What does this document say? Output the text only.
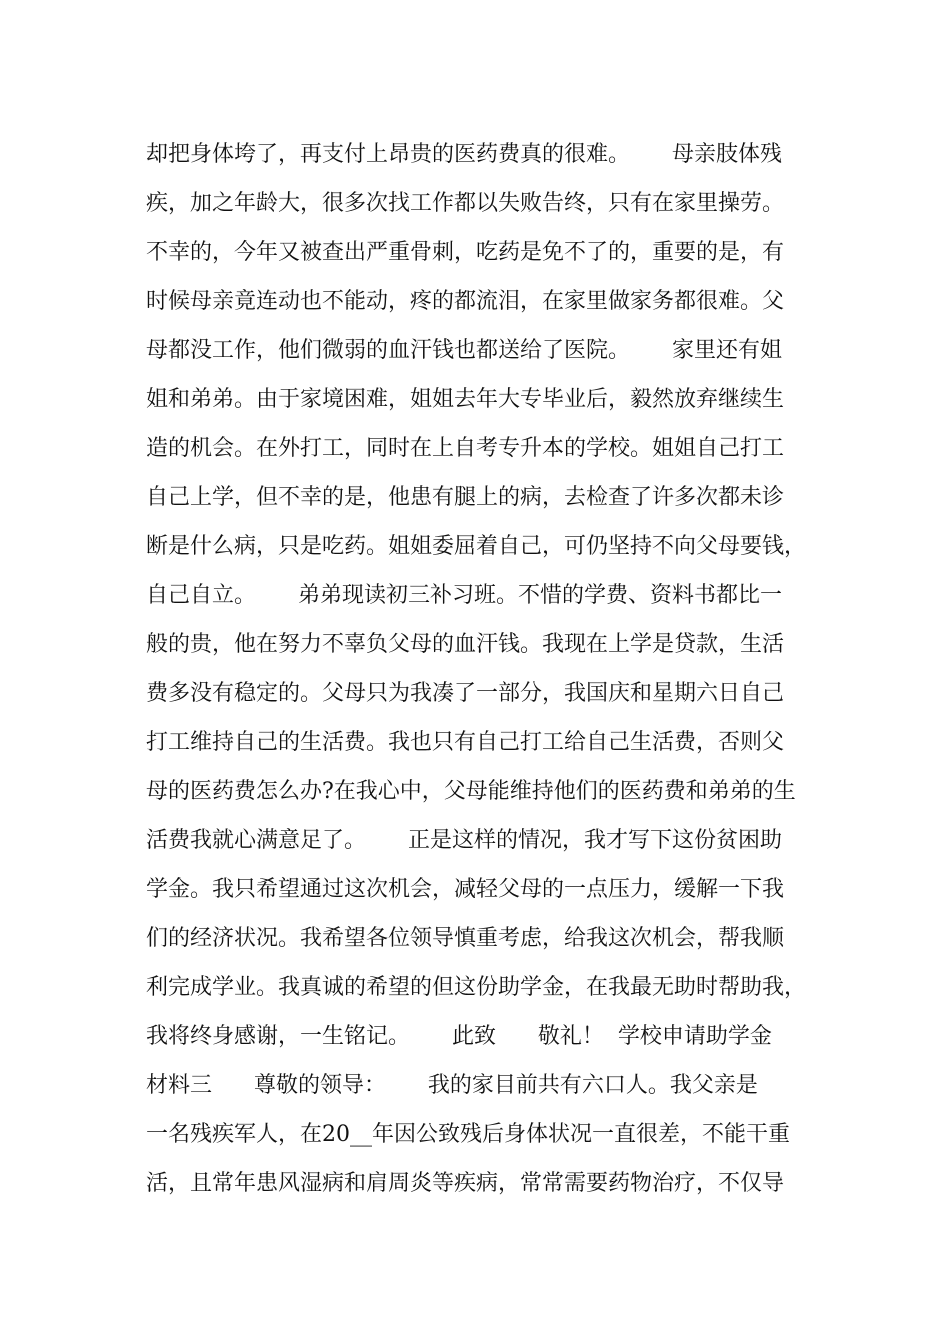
却把身体垮了，再支付上昂贵的医药费真的很难。      母亲肢体残
疾，加之年龄大，很多次找工作都以失败告终，只有在家里操劳。
不幸的，今年又被查出严重骨刺，吃药是免不了的，重要的是，有
时候母亲竟连动也不能动，疼的都流泪，在家里做家务都很难。父
母都没工作，他们微弱的血汗钱也都送给了医院。      家里还有姐
姐和弟弟。由于家境困难，姐姐去年大专毕业后，毅然放弃继续生
造的机会。在外打工，同时在上自考专升本的学校。姐姐自己打工
自己上学，但不幸的是，他患有腿上的病，去检查了许多次都未诊
断是什么病，只是吃药。姐姐委屈着自己，可仍坚持不向父母要钱，
自己自立。      弟弟现读初三补习班。不惜的学费、资料书都比一
般的贵，他在努力不辜负父母的血汗钱。我现在上学是贷款，生活
费多没有稳定的。父母只为我凑了一部分，我国庆和星期六日自己
打工维持自己的生活费。我也只有自己打工给自己生活费，否则父
母的医药费怎么办?在我心中，父母能维持他们的医药费和弟弟的生
活费我就心满意足了。      正是这样的情况，我才写下这份贫困助
学金。我只希望通过这次机会，减轻父母的一点压力，缓解一下我
们的经济状况。我希望各位领导慎重考虑，给我这次机会，帮我顺
利完成学业。我真诚的希望的但这份助学金，在我最无助时帮助我，
我将终身感谢，一生铭记。      此致      敬礼！  学校申请助学金
材料三      尊敬的领导：      我的家目前共有六口人。我父亲是
一名残疾军人，在20__年因公致残后身体状况一直很差，不能干重
活，且常年患风湿病和肩周炎等疾病，常常需要药物治疗，不仅导
